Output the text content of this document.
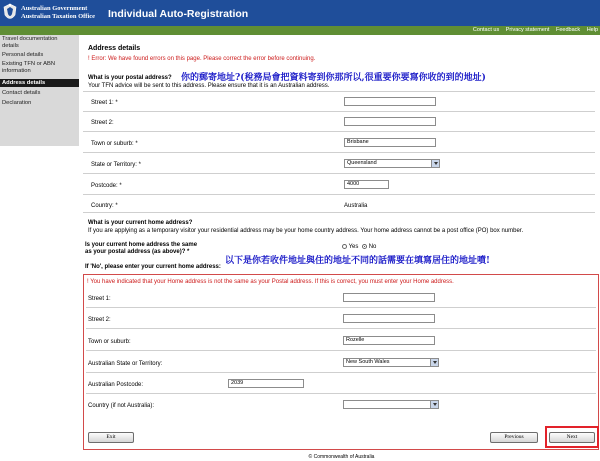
Australian Government
Australian Taxation Office Individual Auto-Registration
Contact us Privacy statement Feedback Help
Travel documentation details
Personal details
Existing TFN or ABN information
Address details
Contact details
Declaration
Address details
! Error: We have found errors on this page. Please correct the error before continuing.
What is your postal address? 你的郵寄地址?(稅務局會把資料寄到你那所以,很重要你要寫你收的到的地址)
Your TFN advice will be sent to this address. Please ensure that it is an Australian address.
Street 1: *
Street 2:
Town or suburb: *	Brisbane
State or Territory: *	Queensland
Postcode: *	4000
Country: *	Australia
What is your current home address?
If you are applying as a temporary visitor your residential address may be your home country address. Your home address cannot be a post office (PO) box number.
Is your current home address the same
as your postal address (as above)? *
Yes No
以下是你若收件地址與住的地址不同的話需要在填寫居住的地址噴!
If 'No', please enter your current home address:
! You have indicated that your Home address is not the same as your Postal address. If this is correct, you must enter your Home address.
Street 1:
Street 2:
Town or suburb:	Rozelle
Australian State or Territory:	New South Wales
Australian Postcode:	2039
Country (if not Australia):
Exit	Previous	Next
© Commonwealth of Australia
